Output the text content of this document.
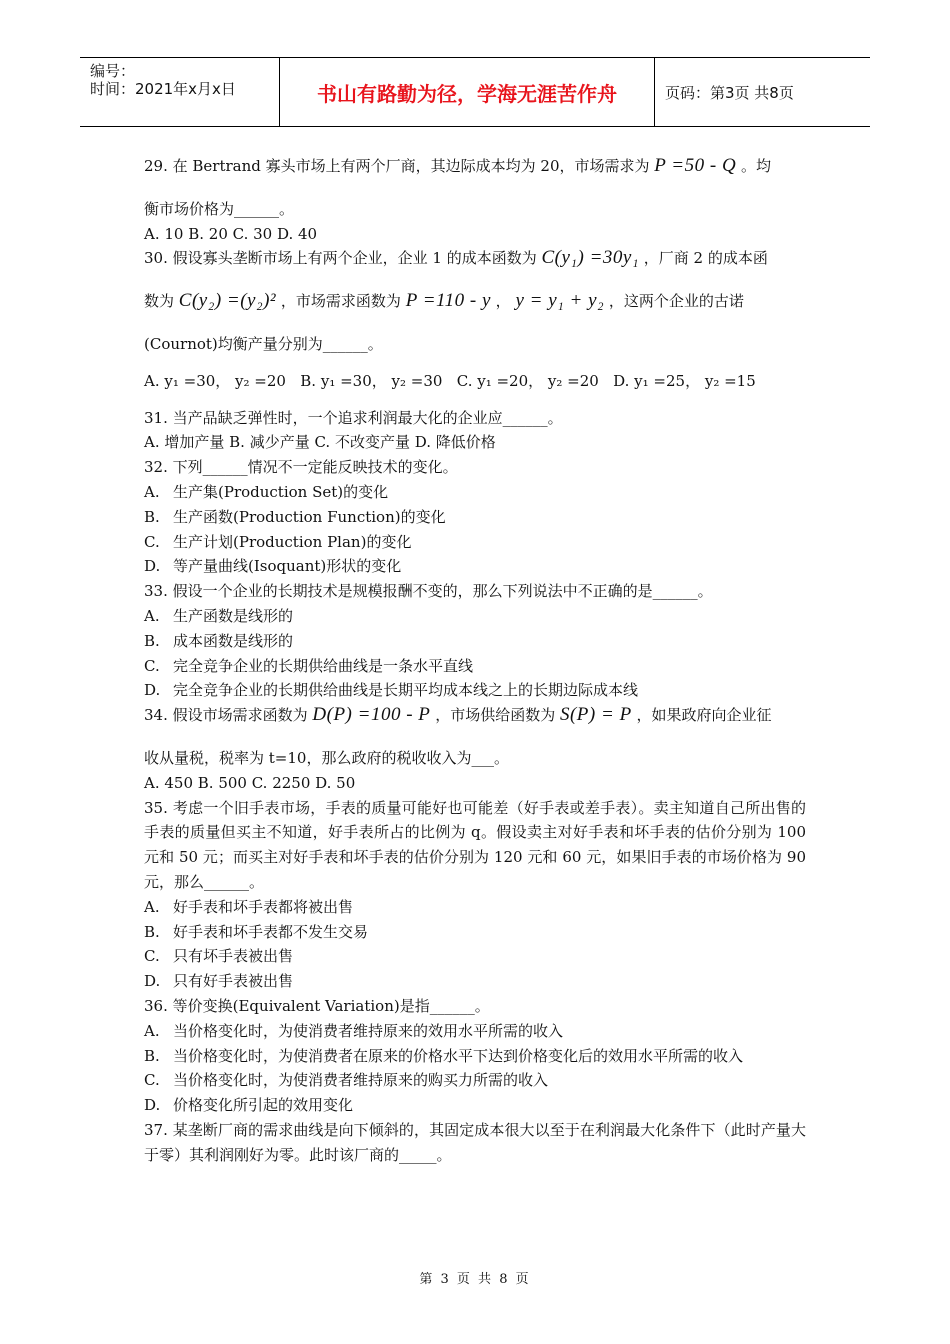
编号：
时间：2021年x月x日	书山有路勤为径，学海无涯苦作舟	页码：第3页 共8页
29. 在 Bertrand 寡头市场上有两个厂商，其边际成本均为 20，市场需求为 P =50 - Q 。均
衡市场价格为______。
A. 10 B. 20 C. 30 D. 40
30. 假设寡头垄断市场上有两个企业，企业 1 的成本函数为 C(y₁) =30y₁ ，厂商 2 的成本函
数为 C(y₂) =(y₂)² ，市场需求函数为 P =110 - y ， y = y₁ + y₂ ，这两个企业的古诺
(Cournot)均衡产量分别为______。
A. y₁ =30， y₂ =20 B. y₁ =30， y₂ =30 C. y₁ =20， y₂ =20 D. y₁ =25， y₂ =15
31. 当产品缺乏弹性时，一个追求利润最大化的企业应______。
A. 增加产量 B. 减少产量 C. 不改变产量 D. 降低价格
32. 下列______情况不一定能反映技术的变化。
A. 生产集(Production Set)的变化
B. 生产函数(Production Function)的变化
C. 生产计划(Production Plan)的变化
D. 等产量曲线(Isoquant)形状的变化
33. 假设一个企业的长期技术是规模报酬不变的，那么下列说法中不正确的是______。
A. 生产函数是线形的
B. 成本函数是线形的
C. 完全竞争企业的长期供给曲线是一条水平直线
D. 完全竞争企业的长期供给曲线是长期平均成本线之上的长期边际成本线
34. 假设市场需求函数为 D(P) =100 - P ，市场供给函数为 S(P) = P ，如果政府向企业征
收从量税，税率为 t=10，那么政府的税收收入为___。
A. 450 B. 500 C. 2250 D. 50
35. 考虑一个旧手表市场，手表的质量可能好也可能差（好手表或差手表）。卖主知道自己所出售的手表的质量但买主不知道，好手表所占的比例为 q。假设卖主对好手表和坏手表的估价分别为 100 元和 50 元；而买主对好手表和坏手表的估价分别为 120 元和 60 元，如果旧手表的市场价格为 90 元，那么______。
A. 好手表和坏手表都将被出售
B. 好手表和坏手表都不发生交易
C. 只有坏手表被出售
D. 只有好手表被出售
36. 等价变换(Equivalent Variation)是指______。
A. 当价格变化时，为使消费者维持原来的效用水平所需的收入
B. 当价格变化时，为使消费者在原来的价格水平下达到价格变化后的效用水平所需的收入
C. 当价格变化时，为使消费者维持原来的购买力所需的收入
D. 价格变化所引起的效用变化
37. 某垄断厂商的需求曲线是向下倾斜的，其固定成本很大以至于在利润最大化条件下（此时产量大于零）其利润刚好为零。此时该厂商的_____。
第 3 页 共 8 页
